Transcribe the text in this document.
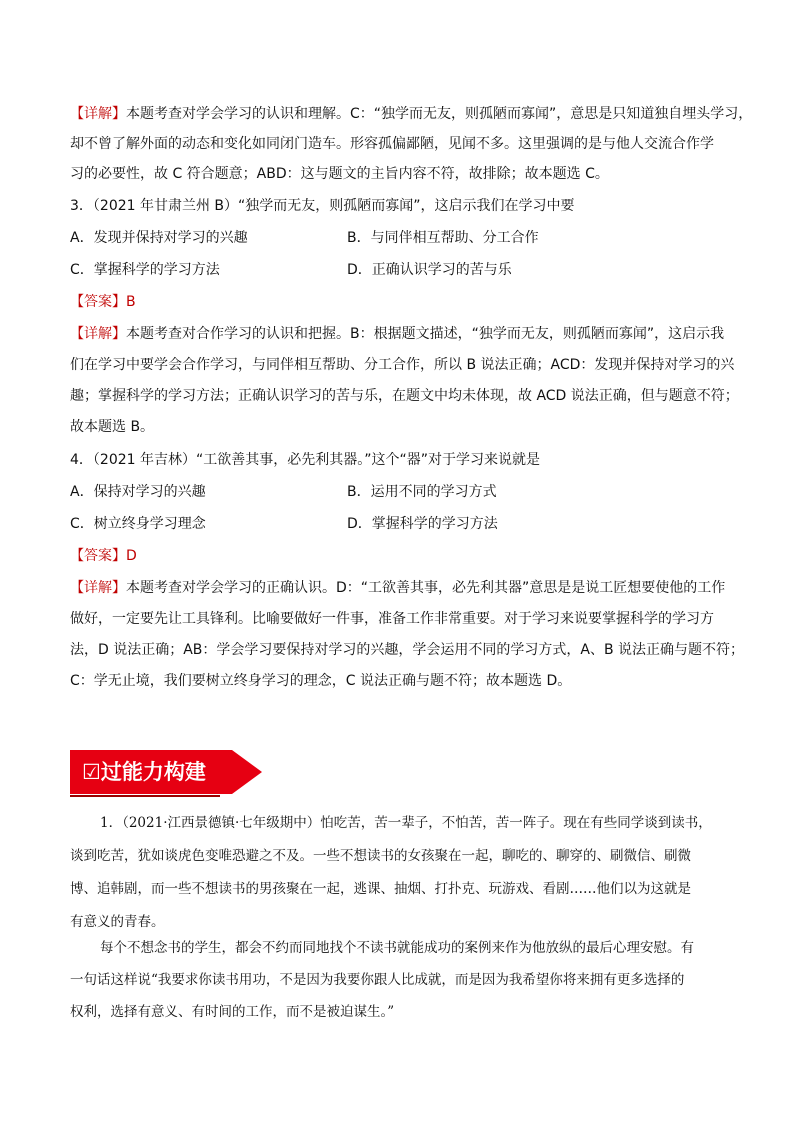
【详解】本题考查对学会学习的认识和理解。C：“独学而无友，则孤陋而寡闻”，意思是只知道独自埋头学习，
却不曾了解外面的动态和变化如同闭门造车。形容孤偏鄙陋，见闻不多。这里强调的是与他人交流合作学
习的必要性，故 C 符合题意；ABD：这与题文的主旨内容不符，故排除；故本题选 C。
3．（2021 年甘肃兰州 B）“独学而无友，则孤陋而寡闻”，这启示我们在学习中要
A．发现并保持对学习的兴趣	B．与同伴相互帮助、分工合作
C．掌握科学的学习方法	D．正确认识学习的苦与乐
【答案】B
【详解】本题考查对合作学习的认识和把握。B：根据题文描述，“独学而无友，则孤陋而寡闻”，这启示我
们在学习中要学会合作学习，与同伴相互帮助、分工合作，所以 B 说法正确；ACD：发现并保持对学习的兴
趣；掌握科学的学习方法；正确认识学习的苦与乐，在题文中均未体现，故 ACD 说法正确，但与题意不符；
故本题选 B。
4．（2021 年吉林）“工欲善其事，必先利其器。”这个“器”对于学习来说就是
A．保持对学习的兴趣	B．运用不同的学习方式
C．树立终身学习理念	D．掌握科学的学习方法
【答案】D
【详解】本题考查对学会学习的正确认识。D：“工欲善其事，必先利其器”意思是是说工匠想要使他的工作
做好，一定要先让工具锋利。比喻要做好一件事，准备工作非常重要。对于学习来说要掌握科学的学习方
法，D 说法正确；AB：学会学习要保持对学习的兴趣，学会运用不同的学习方式，A、B 说法正确与题不符；
C：学无止境，我们要树立终身学习的理念，C 说法正确与题不符；故本题选 D。
☑过能力构建
1．（2021·江西景德镇·七年级期中）怕吃苦，苦一辈子，不怕苦，苦一阵子。现在有些同学谈到读书，
谈到吃苦，犹如谈虎色变唯恐避之不及。一些不想读书的女孩聚在一起，聊吃的、聊穿的、刷微信、刷微
博、追韩剧，而一些不想读书的男孩聚在一起，逃课、抽烟、打扑克、玩游戏、看剧……他们以为这就是
有意义的青春。
每个不想念书的学生，都会不约而同地找个不读书就能成功的案例来作为他放纵的最后心理安慰。有
一句话这样说“我要求你读书用功，不是因为我要你跟人比成就，而是因为我希望你将来拥有更多选择的
权利，选择有意义、有时间的工作，而不是被迫谋生。”
